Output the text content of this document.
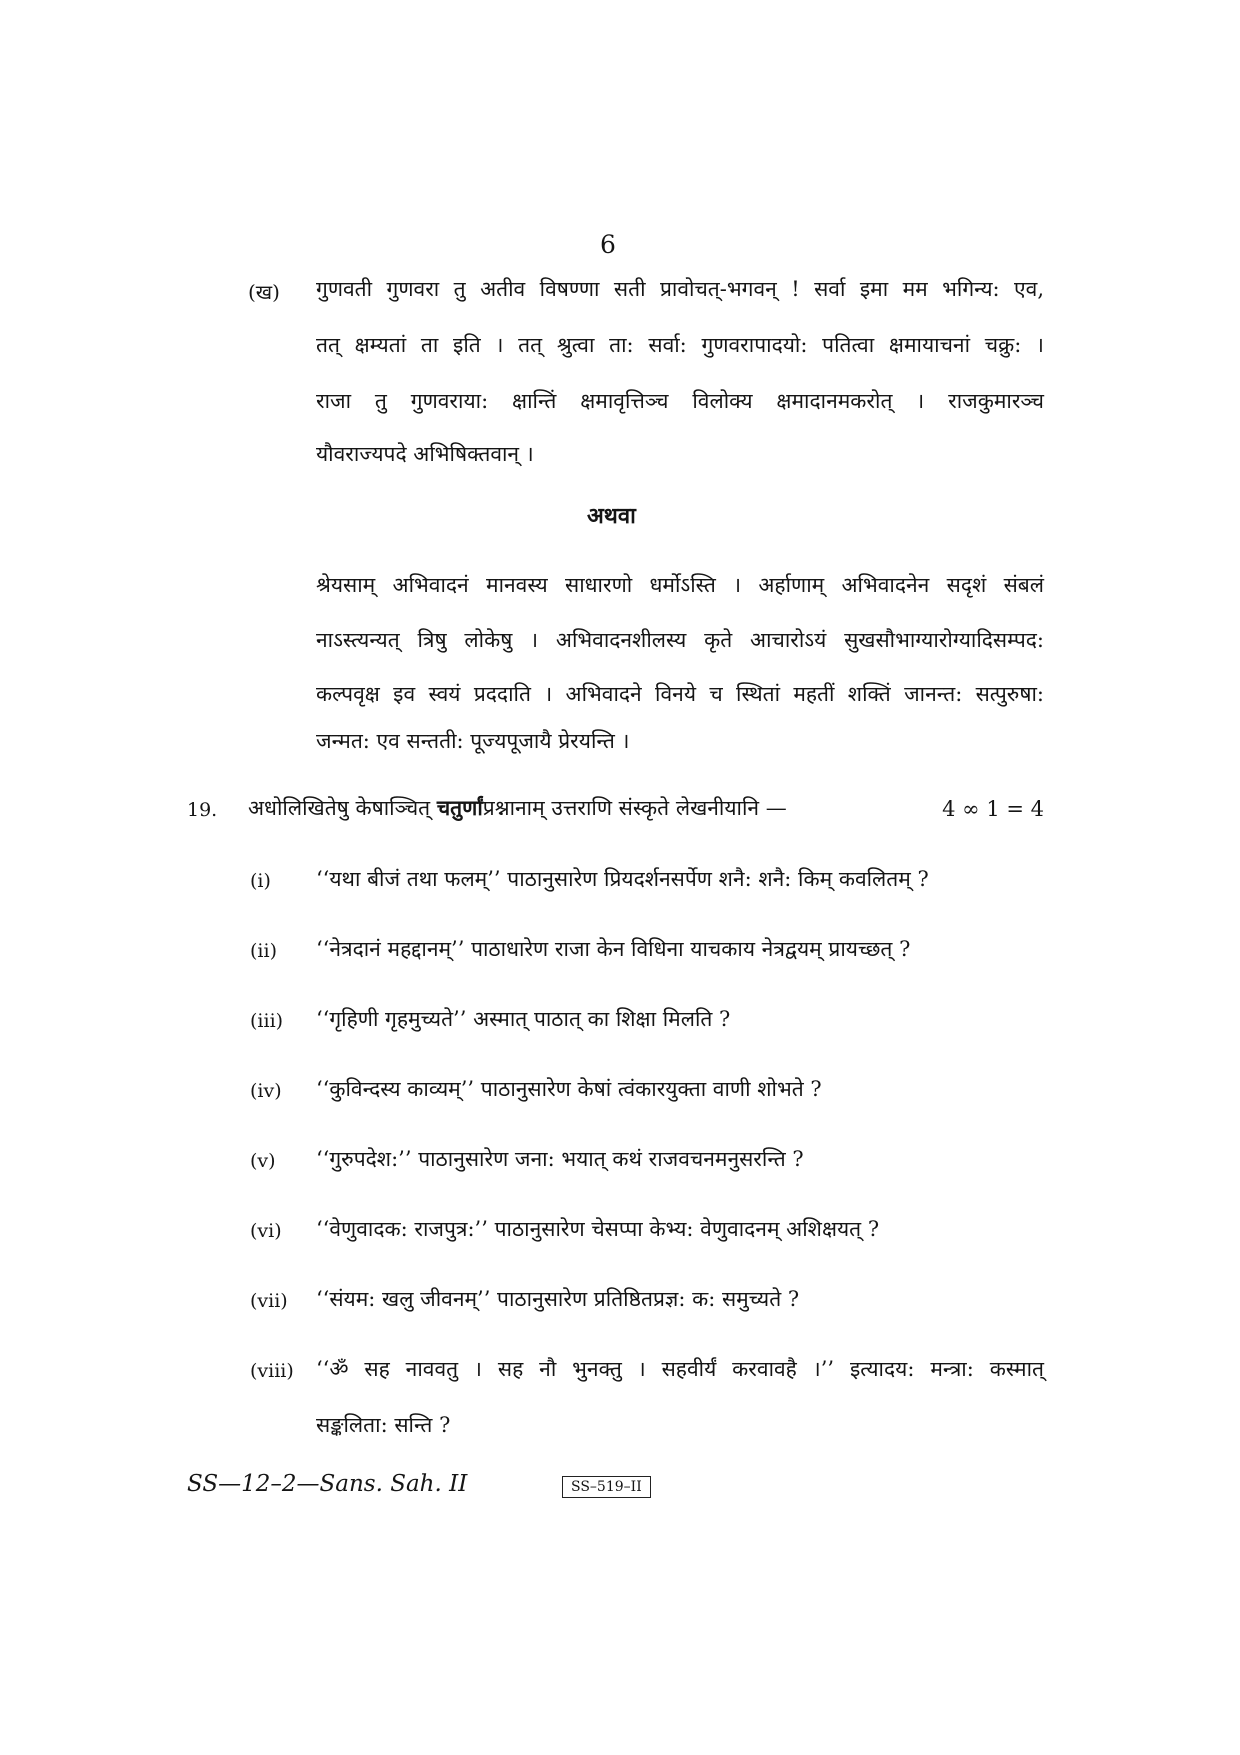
6
(ख) गुणवती गुणवरा तु अतीव विषण्णा सती प्रावोचत्-भगवन् ! सर्वा इमा मम भगिन्य: एव,
तत् क्षम्यतां ता इति । तत् श्रुत्वा ता: सर्वा: गुणवरापादयो: पतित्वा क्षमायाचनां चक्रु: ।
राजा तु गुणवराया: क्षान्तिं क्षमावृत्तिञ्च विलोक्य क्षमादानमकरोत् । राजकुमारञ्च
यौवराज्यपदे अभिषिक्तवान् ।
अथवा
श्रेयसाम् अभिवादनं मानवस्य साधारणो धर्मोऽस्ति । अर्हाणाम् अभिवादनेन सदृशं संबलं
नाऽस्त्यन्यत् त्रिषु लोकेषु । अभिवादनशीलस्य कृते आचारोऽयं सुखसौभाग्यारोग्यादिसम्पद:
कल्पवृक्ष इव स्वयं प्रददाति । अभिवादने विनये च स्थितां महतीं शक्तिं जानन्त: सत्पुरुषा:
जन्मत: एव सन्तती: पूज्यपूजायै प्रेरयन्ति ।
19. अधोलिखितेषु केषाञ्चित् चतुर्णांप्रश्नानाम् उत्तराणि संस्कृते लेखनीयानि —	4 ∞ 1 = 4
(i) ‘‘यथा बीजं तथा फलम्’’ पाठानुसारेण प्रियदर्शनसर्पेण शनै: शनै: किम् कवलितम् ?
(ii) ‘‘नेत्रदानं महद्दानम्’’ पाठाधारेण राजा केन विधिना याचकाय नेत्रद्वयम् प्रायच्छत् ?
(iii) ‘‘गृहिणी गृहमुच्यते’’ अस्मात् पाठात् का शिक्षा मिलति ?
(iv) ‘‘कुविन्दस्य काव्यम्’’ पाठानुसारेण केषां त्वंकारयुक्ता वाणी शोभते ?
(v) ‘‘गुरुपदेश:’’ पाठानुसारेण जना: भयात् कथं राजवचनमनुसरन्ति ?
(vi) ‘‘वेणुवादक: राजपुत्र:’’ पाठानुसारेण चेसप्पा केभ्य: वेणुवादनम् अशिक्षयत् ?
(vii) ‘‘संयम: खलु जीवनम्’’ पाठानुसारेण प्रतिष्ठितप्रज्ञ: क: समुच्यते ?
(viii) ‘‘ॐ सह नाववतु । सह नौ भुनक्तु । सहवीर्यं करवावहै ।’’ इत्यादय: मन्त्रा: कस्मात्
सङ्कलिता: सन्ति ?
SS—12–2—Sans. Sah. II	SS–519–II
